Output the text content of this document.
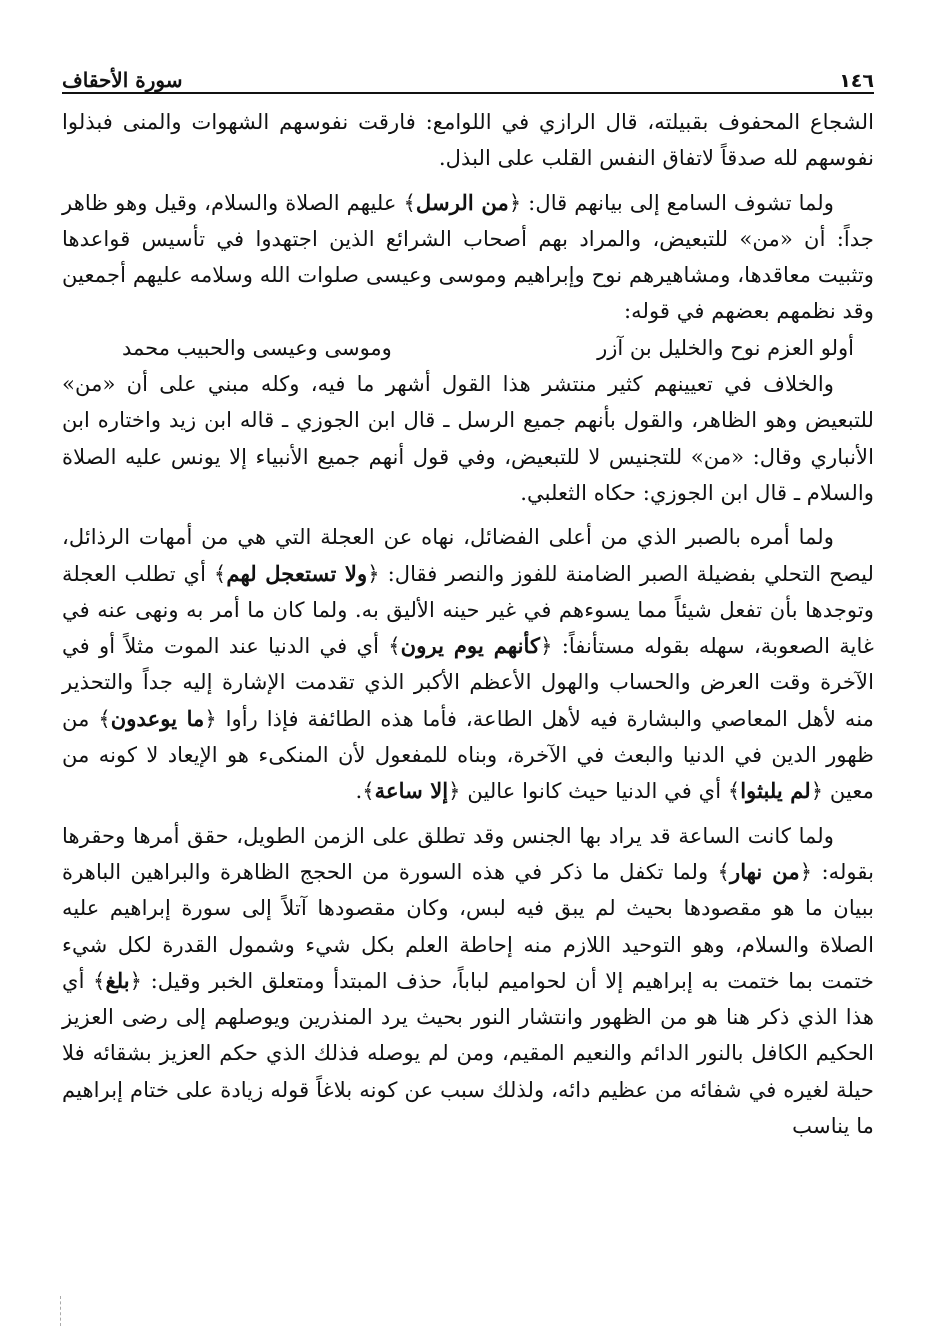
١٤٦
سورة الأحقاف

الشجاع المحفوف بقبيلته، قال الرازي في اللوامع: فارقت نفوسهم الشهوات والمنى فبذلوا نفوسهم لله صدقاً لاتفاق النفس القلب على البذل.

ولما تشوف السامع إلى بيانهم قال: ﴿ من الرسل ﴾ عليهم الصلاة والسلام، وقيل وهو ظاهر جداً: أن «من» للتبعيض، والمراد بهم أصحاب الشرائع الذين اجتهدوا في تأسيس قواعدها وتثبيت معاقدها، ومشاهيرهم نوح وإبراهيم وموسى وعيسى صلوات الله وسلامه عليهم أجمعين وقد نظمهم بعضهم في قوله:

أولو العزم نوح والخليل بن آزر
وموسى وعيسى والحبيب محمد

والخلاف في تعيينهم كثير منتشر هذا القول أشهر ما فيه، وكله مبني على أن «من» للتبعيض وهو الظاهر، والقول بأنهم جميع الرسل ـ قال ابن الجوزي ـ قاله ابن زيد واختاره ابن الأنباري وقال: «من» للتجنيس لا للتبعيض، وفي قول أنهم جميع الأنبياء إلا يونس عليه الصلاة والسلام ـ قال ابن الجوزي: حكاه الثعلبي.

ولما أمره بالصبر الذي من أعلى الفضائل، نهاه عن العجلة التي هي من أمهات الرذائل، ليصح التحلي بفضيلة الصبر الضامنة للفوز والنصر فقال: ﴿ ولا تستعجل لهم ﴾ أي تطلب العجلة وتوجدها بأن تفعل شيئاً مما يسوءهم في غير حينه الأليق به. ولما كان ما أمر به ونهى عنه في غاية الصعوبة، سهله بقوله مستأنفاً: ﴿ كأنهم يوم يرون ﴾ أي في الدنيا عند الموت مثلاً أو في الآخرة وقت العرض والحساب والهول الأعظم الأكبر الذي تقدمت الإشارة إليه جداً والتحذير منه لأهل المعاصي والبشارة فيه لأهل الطاعة، فأما هذه الطائفة فإذا رأوا ﴿ ما يوعدون ﴾ من ظهور الدين في الدنيا والبعث في الآخرة، وبناه للمفعول لأن المنكىء هو الإيعاد لا كونه من معين ﴿ لم يلبثوا ﴾ أي في الدنيا حيث كانوا عالين ﴿ إلا ساعة ﴾.

ولما كانت الساعة قد يراد بها الجنس وقد تطلق على الزمن الطويل، حقق أمرها وحقرها بقوله: ﴿ من نهار ﴾ ولما تكفل ما ذكر في هذه السورة من الحجج الظاهرة والبراهين الباهرة ببيان ما هو مقصودها بحيث لم يبق فيه لبس، وكان مقصودها آتلاً إلى سورة إبراهيم عليه الصلاة والسلام، وهو التوحيد اللازم منه إحاطة العلم بكل شيء وشمول القدرة لكل شيء ختمت بما ختمت به إبراهيم إلا أن لحواميم لباباً، حذف المبتدأ ومتعلق الخبر وقيل: ﴿ بلغ ﴾ أي هذا الذي ذكر هنا هو من الظهور وانتشار النور بحيث يرد المنذرين ويوصلهم إلى رضى العزيز الحكيم الكافل بالنور الدائم والنعيم المقيم، ومن لم يوصله فذلك الذي حكم العزيز بشقائه فلا حيلة لغيره في شفائه من عظيم دائه، ولذلك سبب عن كونه بلاغاً قوله زيادة على ختام إبراهيم ما يناسب
